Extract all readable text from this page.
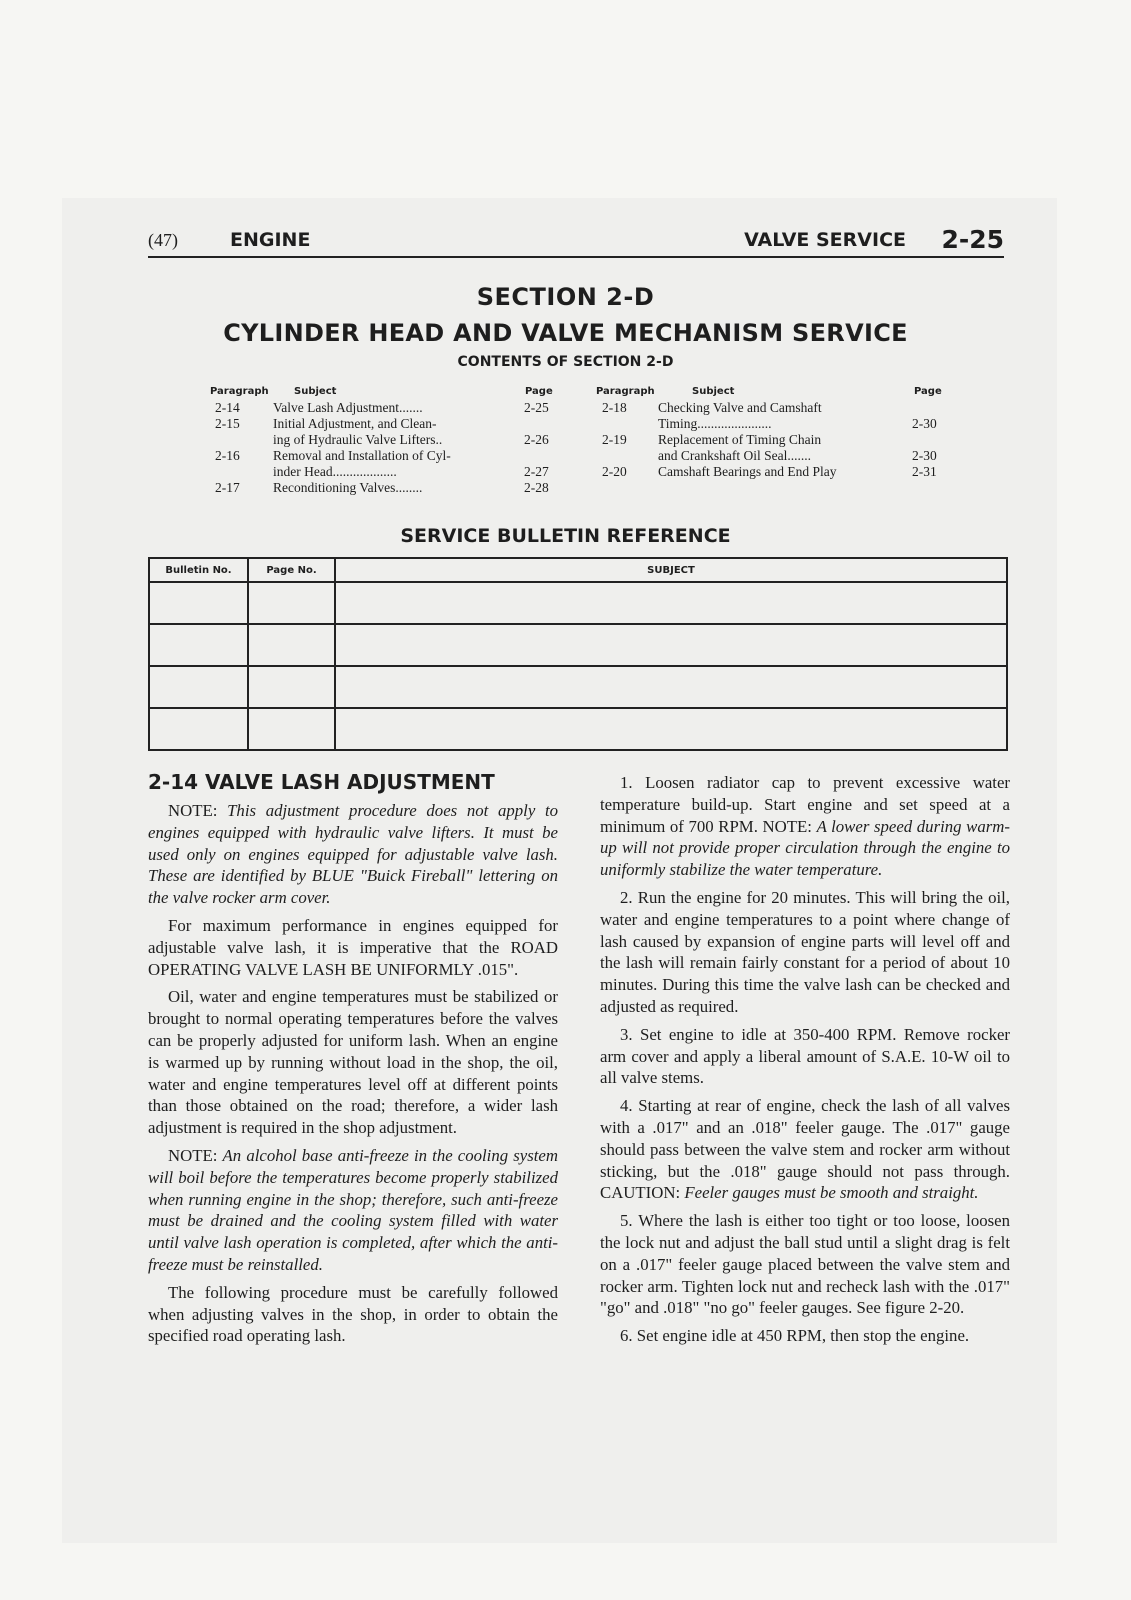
(47)	ENGINE	VALVE SERVICE 2-25
SECTION 2-D
CYLINDER HEAD AND VALVE MECHANISM SERVICE
CONTENTS OF SECTION 2-D
Paragraph	Subject	Page
2-14 Valve Lash Adjustment.......	2-25
2-15 Initial Adjustment, and Clean-
ing of Hydraulic Valve Lifters..	2-26
2-16 Removal and Installation of Cyl-
inder Head...................	2-27
2-17 Reconditioning Valves........	2-28
Paragraph	Subject	Page
2-18 Checking Valve and Camshaft
Timing......................	2-30
2-19 Replacement of Timing Chain
and Crankshaft Oil Seal.......	2-30
2-20 Camshaft Bearings and End Play	2-31
SERVICE BULLETIN REFERENCE
Bulletin No.	Page No.	SUBJECT

2-14 VALVE LASH ADJUSTMENT

NOTE: This adjustment procedure does not apply to engines equipped with hydraulic valve lifters. It must be used only on engines equipped for adjustable valve lash. These are identified by BLUE "Buick Fireball" lettering on the valve rocker arm cover.

For maximum performance in engines equipped for adjustable valve lash, it is imperative that the ROAD OPERATING VALVE LASH BE UNIFORMLY .015".

Oil, water and engine temperatures must be stabilized or brought to normal operating temperatures before the valves can be properly adjusted for uniform lash. When an engine is warmed up by running without load in the shop, the oil, water and engine temperatures level off at different points than those obtained on the road; therefore, a wider lash adjustment is required in the shop adjustment.

NOTE: An alcohol base anti-freeze in the cooling system will boil before the temperatures become properly stabilized when running engine in the shop; therefore, such anti-freeze must be drained and the cooling system filled with water until valve lash operation is completed, after which the anti-freeze must be reinstalled.

The following procedure must be carefully followed when adjusting valves in the shop, in order to obtain the specified road operating lash.

1. Loosen radiator cap to prevent excessive water temperature build-up. Start engine and set speed at a minimum of 700 RPM. NOTE: A lower speed during warm-up will not provide proper circulation through the engine to uniformly stabilize the water temperature.

2. Run the engine for 20 minutes. This will bring the oil, water and engine temperatures to a point where change of lash caused by expansion of engine parts will level off and the lash will remain fairly constant for a period of about 10 minutes. During this time the valve lash can be checked and adjusted as required.

3. Set engine to idle at 350-400 RPM. Remove rocker arm cover and apply a liberal amount of S.A.E. 10-W oil to all valve stems.

4. Starting at rear of engine, check the lash of all valves with a .017" and an .018" feeler gauge. The .017" gauge should pass between the valve stem and rocker arm without sticking, but the .018" gauge should not pass through. CAUTION: Feeler gauges must be smooth and straight.

5. Where the lash is either too tight or too loose, loosen the lock nut and adjust the ball stud until a slight drag is felt on a .017" feeler gauge placed between the valve stem and rocker arm. Tighten lock nut and recheck lash with the .017" "go" and .018" "no go" feeler gauges. See figure 2-20.

6. Set engine idle at 450 RPM, then stop the engine.
